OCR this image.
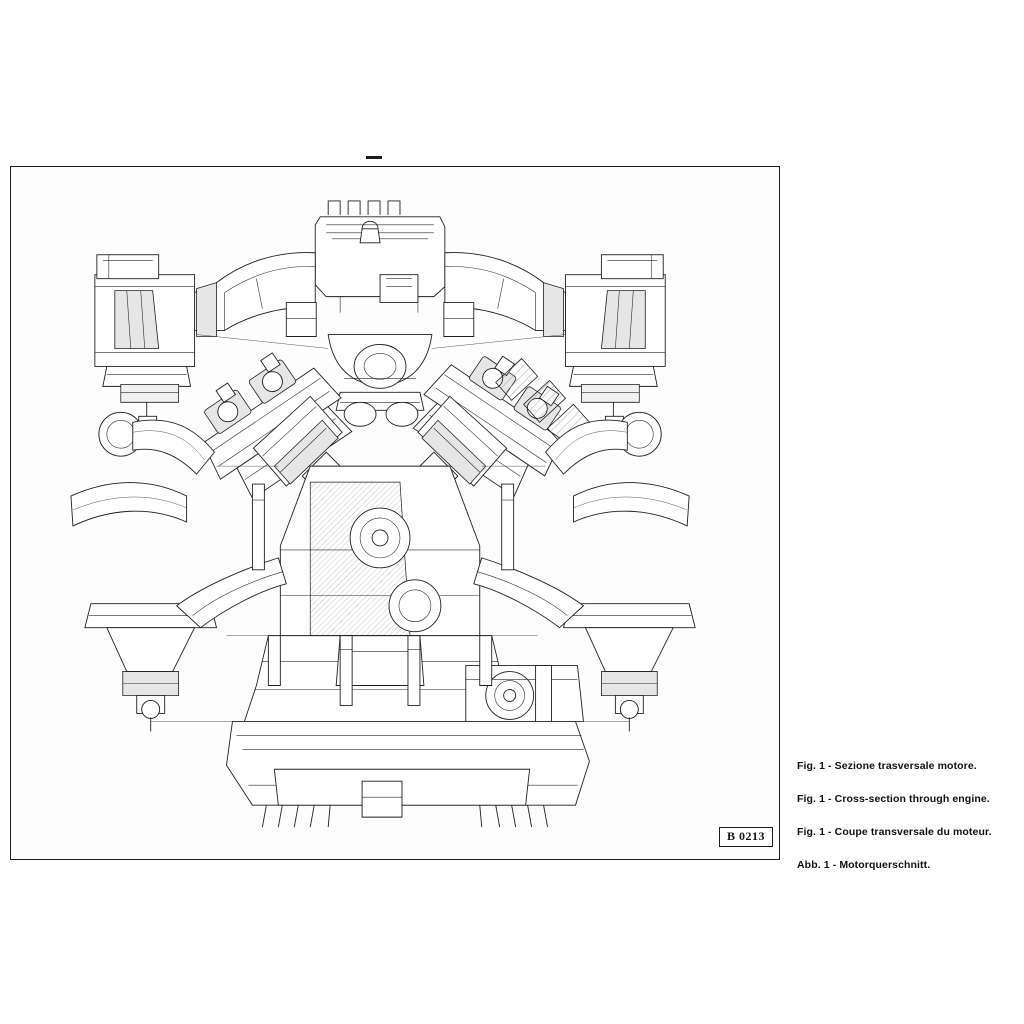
B 0213
Fig. 1 - Sezione trasversale motore.
Fig. 1 - Cross-section through engine.
Fig. 1 - Coupe transversale du moteur.
Abb. 1 - Motorquerschnitt.
